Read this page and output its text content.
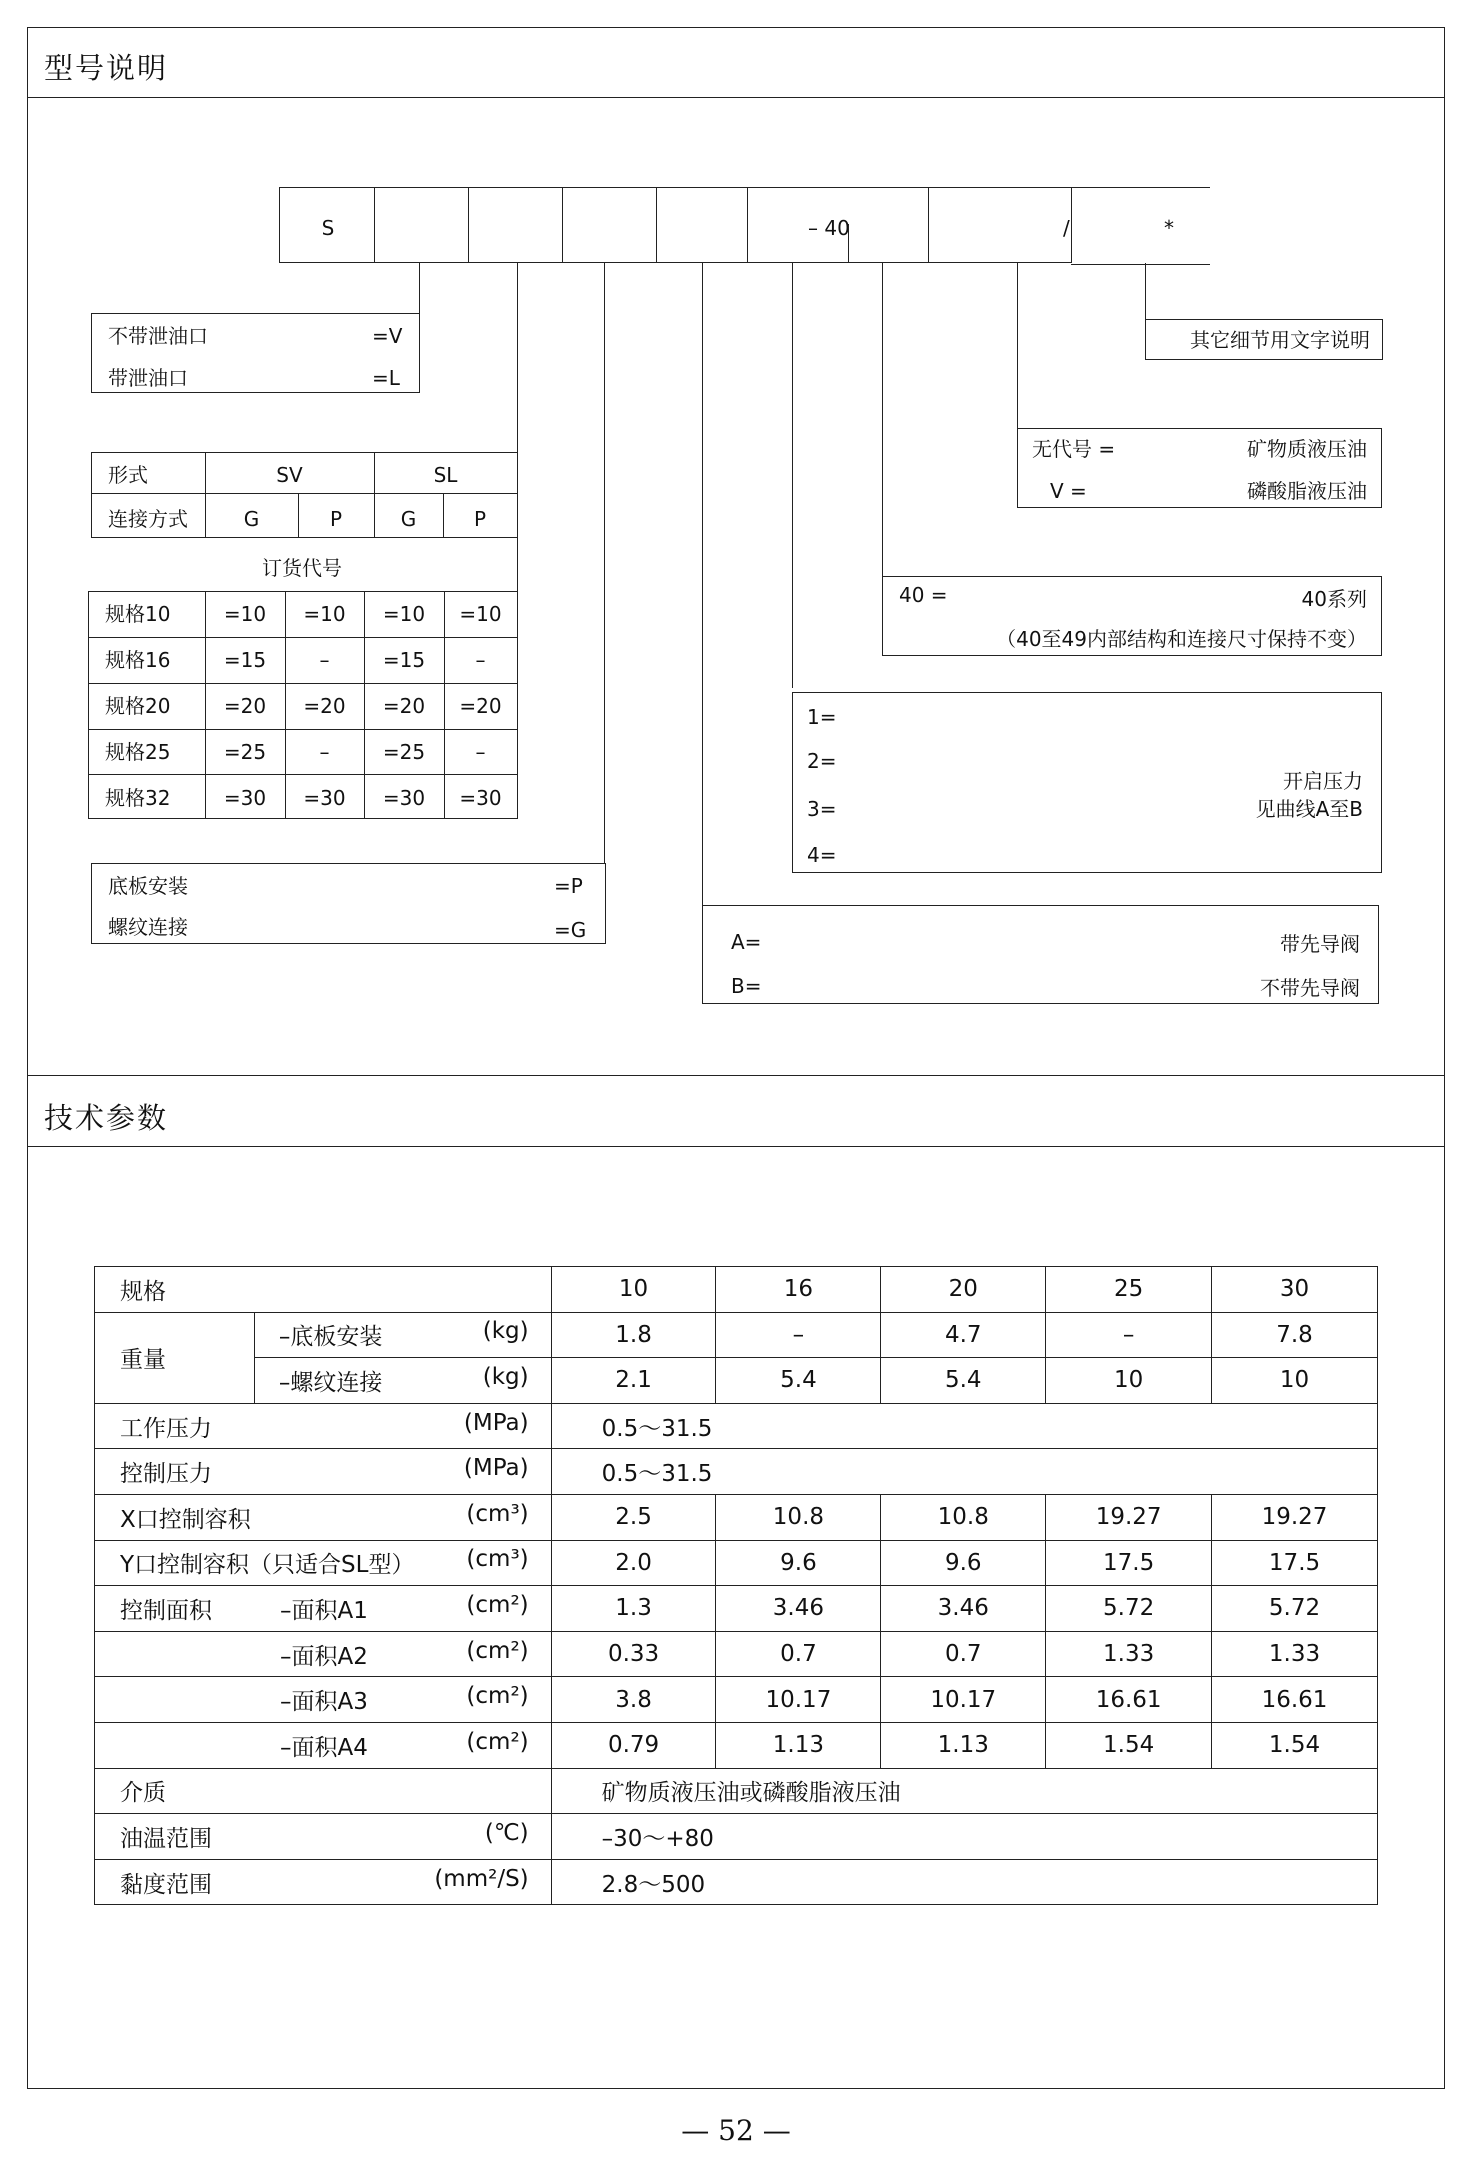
型号说明
S	– 40	/	*
不带泄油口	=V
带泄油口	=L
形式	SV	SL
连接方式	G	P	G	P
订货代号
规格10	=10	=10	=10	=10
规格16	=15	–	=15	–
规格20	=20	=20	=20	=20
规格25	=25	–	=25	–
规格32	=30	=30	=30	=30
底板安装	=P
螺纹连接	=G
其它细节用文字说明
无代号 =	矿物质液压油
V =	磷酸脂液压油
40 =	40系列
（40至49内部结构和连接尺寸保持不变）
1=
2=
3=
4=
开启压力
见曲线A至B
A=	带先导阀
B=	不带先导阀
技术参数
规格		10	16	20	25	30
重量	–底板安装 (kg)	1.8	–	4.7	–	7.8
	–螺纹连接 (kg)	2.1	5.4	5.4	10	10
工作压力 (MPa)		0.5～31.5				
控制压力 (MPa)		0.5～31.5				
X口控制容积 (cm³)		2.5	10.8	10.8	19.27	19.27
Y口控制容积（只适合SL型） (cm³)		2.0	9.6	9.6	17.5	17.5
控制面积 –面积A1 (cm²)		1.3	3.46	3.46	5.72	5.72
–面积A2 (cm²)		0.33	0.7	0.7	1.33	1.33
–面积A3 (cm²)		3.8	10.17	10.17	16.61	16.61
–面积A4 (cm²)		0.79	1.13	1.13	1.54	1.54
介质		矿物质液压油或磷酸脂液压油				
油温范围 (℃)		–30～+80				
黏度范围 (mm²/S)		2.8～500				
— 52 —
